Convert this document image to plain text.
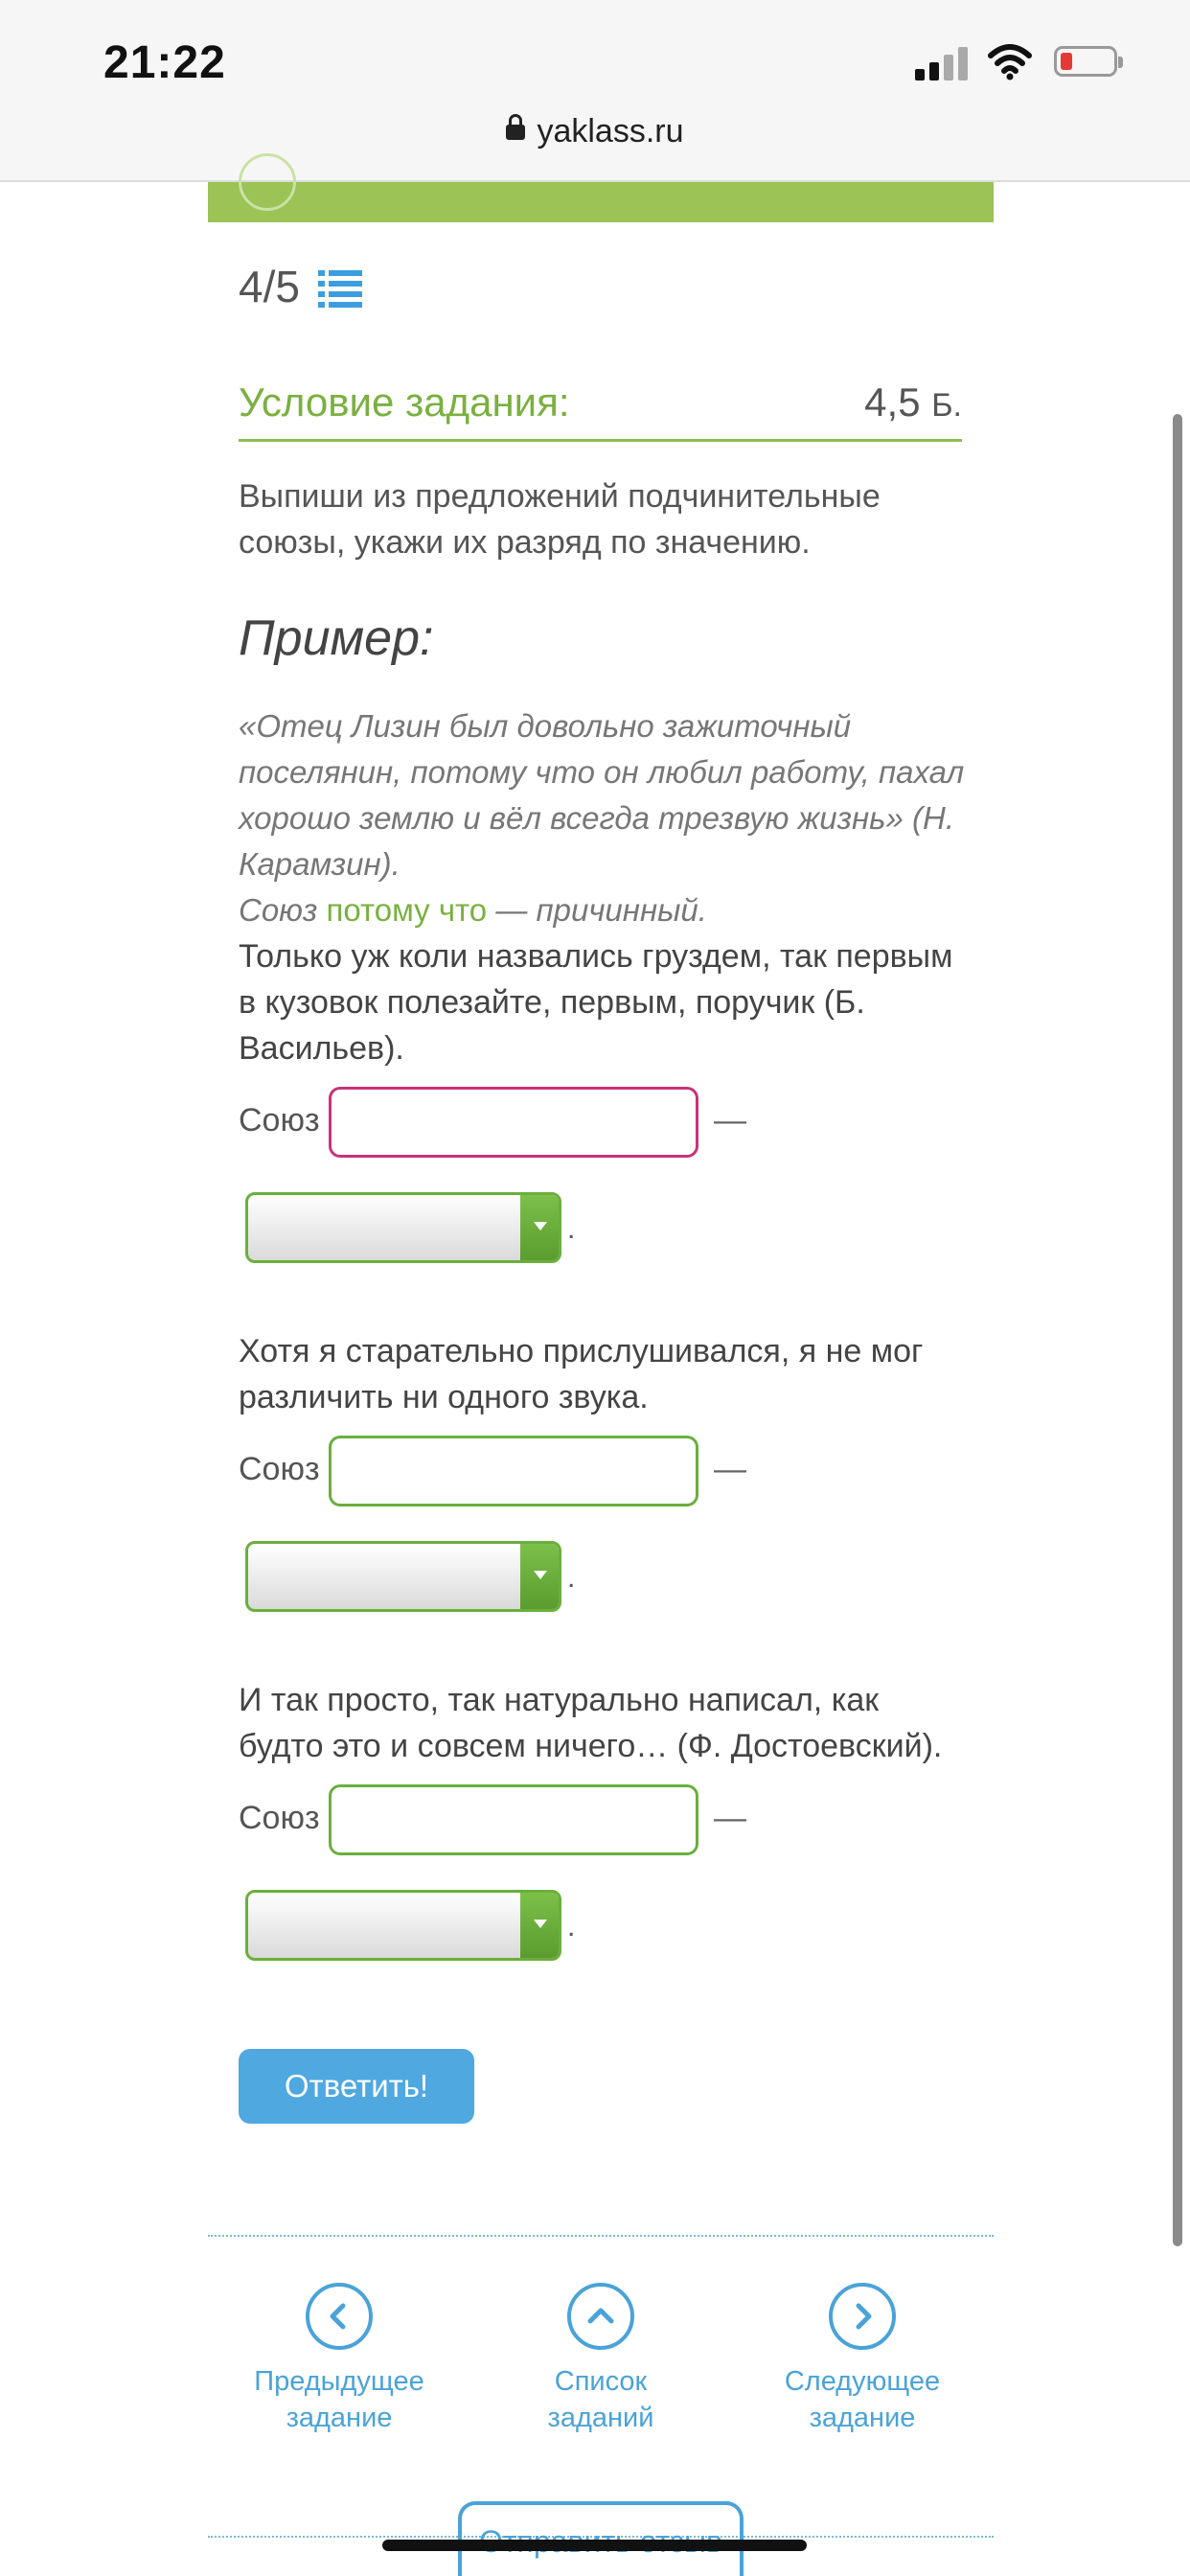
21:22
yaklass.ru
4/5
Условие задания:	4,5 Б.
Выпиши из предложений подчинительные союзы, укажи их разряд по значению.
Пример:
«Отец Лизин был довольно зажиточный поселянин, потому что он любил работу, пахал хорошо землю и вёл всегда трезвую жизнь» (Н. Карамзин).
Союз потому что — причинный.
Только уж коли назвались груздем, так первым в кузовок полезайте, первым, поручик (Б. Васильев).
Союз	—
.
Хотя я старательно прислушивался, я не мог различить ни одного звука.
Союз	—
.
И так просто, так натурально написал, как будто это и совсем ничего… (Ф. Достоевский).
Союз	—
.
Ответить!
Предыдущее задание
Список заданий
Следующее задание
